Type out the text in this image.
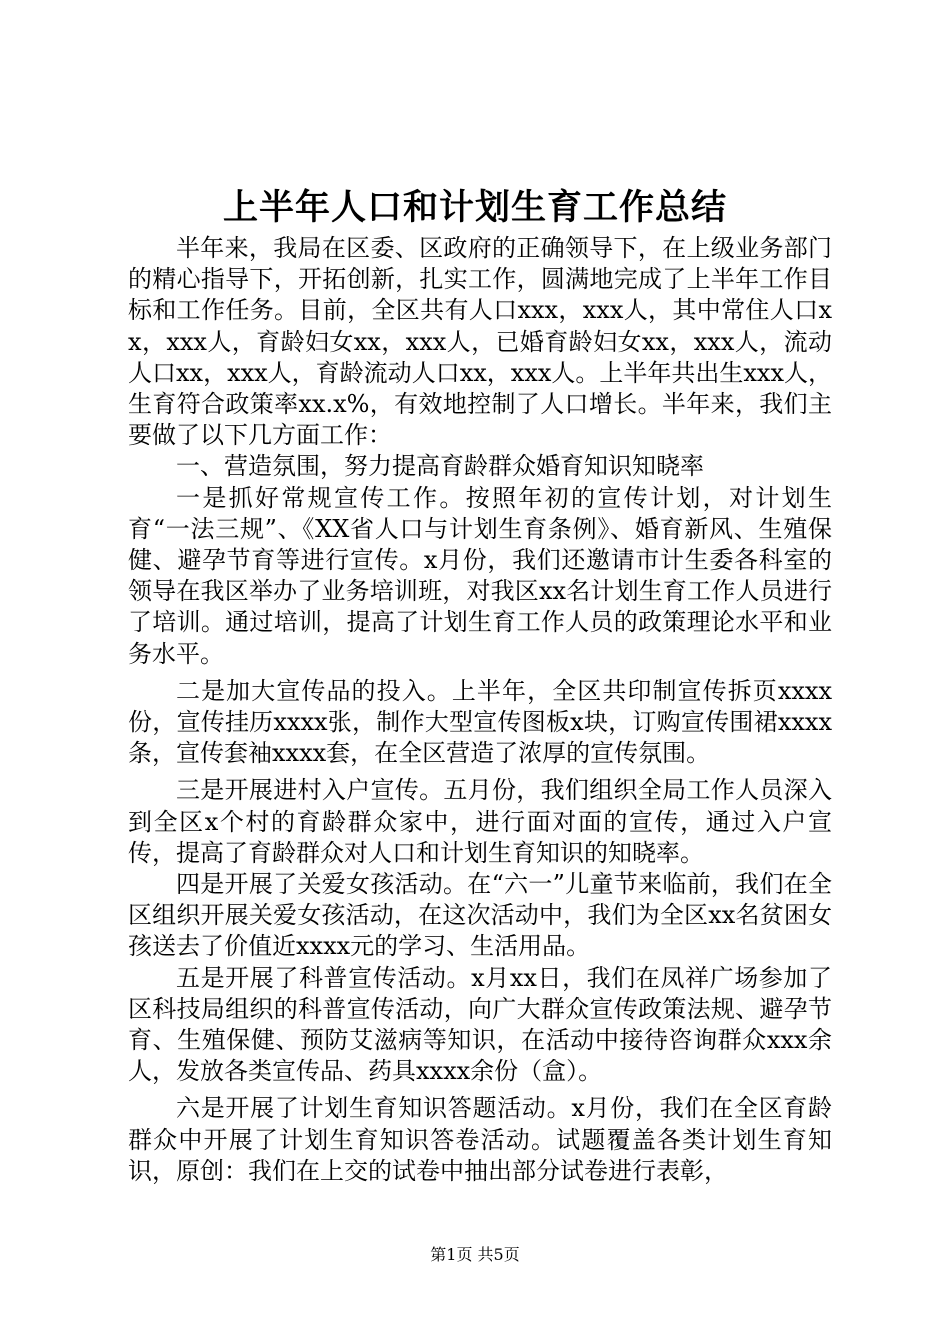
上半年人口和计划生育工作总结

半年来，我局在区委、区政府的正确领导下，在上级业务部门的精心指导下，开拓创新，扎实工作，圆满地完成了上半年工作目标和工作任务。目前，全区共有人口xxx，xxx人，其中常住人口xx，xxx人，育龄妇女xx，xxx人，已婚育龄妇女xx，xxx人，流动人口xx，xxx人，育龄流动人口xx，xxx人。上半年共出生xxx人，生育符合政策率xx.x%，有效地控制了人口增长。半年来，我们主要做了以下几方面工作：

一、营造氛围，努力提高育龄群众婚育知识知晓率

一是抓好常规宣传工作。按照年初的宣传计划，对计划生育“一法三规”、《XX省人口与计划生育条例》、婚育新风、生殖保健、避孕节育等进行宣传。x月份，我们还邀请市计生委各科室的领导在我区举办了业务培训班，对我区xx名计划生育工作人员进行了培训。通过培训，提高了计划生育工作人员的政策理论水平和业务水平。

二是加大宣传品的投入。上半年，全区共印制宣传拆页xxxx份，宣传挂历xxxx张，制作大型宣传图板x块，订购宣传围裙xxxx条，宣传套袖xxxx套，在全区营造了浓厚的宣传氛围。

三是开展进村入户宣传。五月份，我们组织全局工作人员深入到全区x个村的育龄群众家中，进行面对面的宣传，通过入户宣传，提高了育龄群众对人口和计划生育知识的知晓率。

四是开展了关爱女孩活动。在“六一”儿童节来临前，我们在全区组织开展关爱女孩活动，在这次活动中，我们为全区xx名贫困女孩送去了价值近xxxx元的学习、生活用品。

五是开展了科普宣传活动。x月xx日，我们在凤祥广场参加了区科技局组织的科普宣传活动，向广大群众宣传政策法规、避孕节育、生殖保健、预防艾滋病等知识，在活动中接待咨询群众xxx余人，发放各类宣传品、药具xxxx余份（盒）。

六是开展了计划生育知识答题活动。x月份，我们在全区育龄群众中开展了计划生育知识答卷活动。试题覆盖各类计划生育知识，原创：我们在上交的试卷中抽出部分试卷进行表彰，

第1页 共5页
